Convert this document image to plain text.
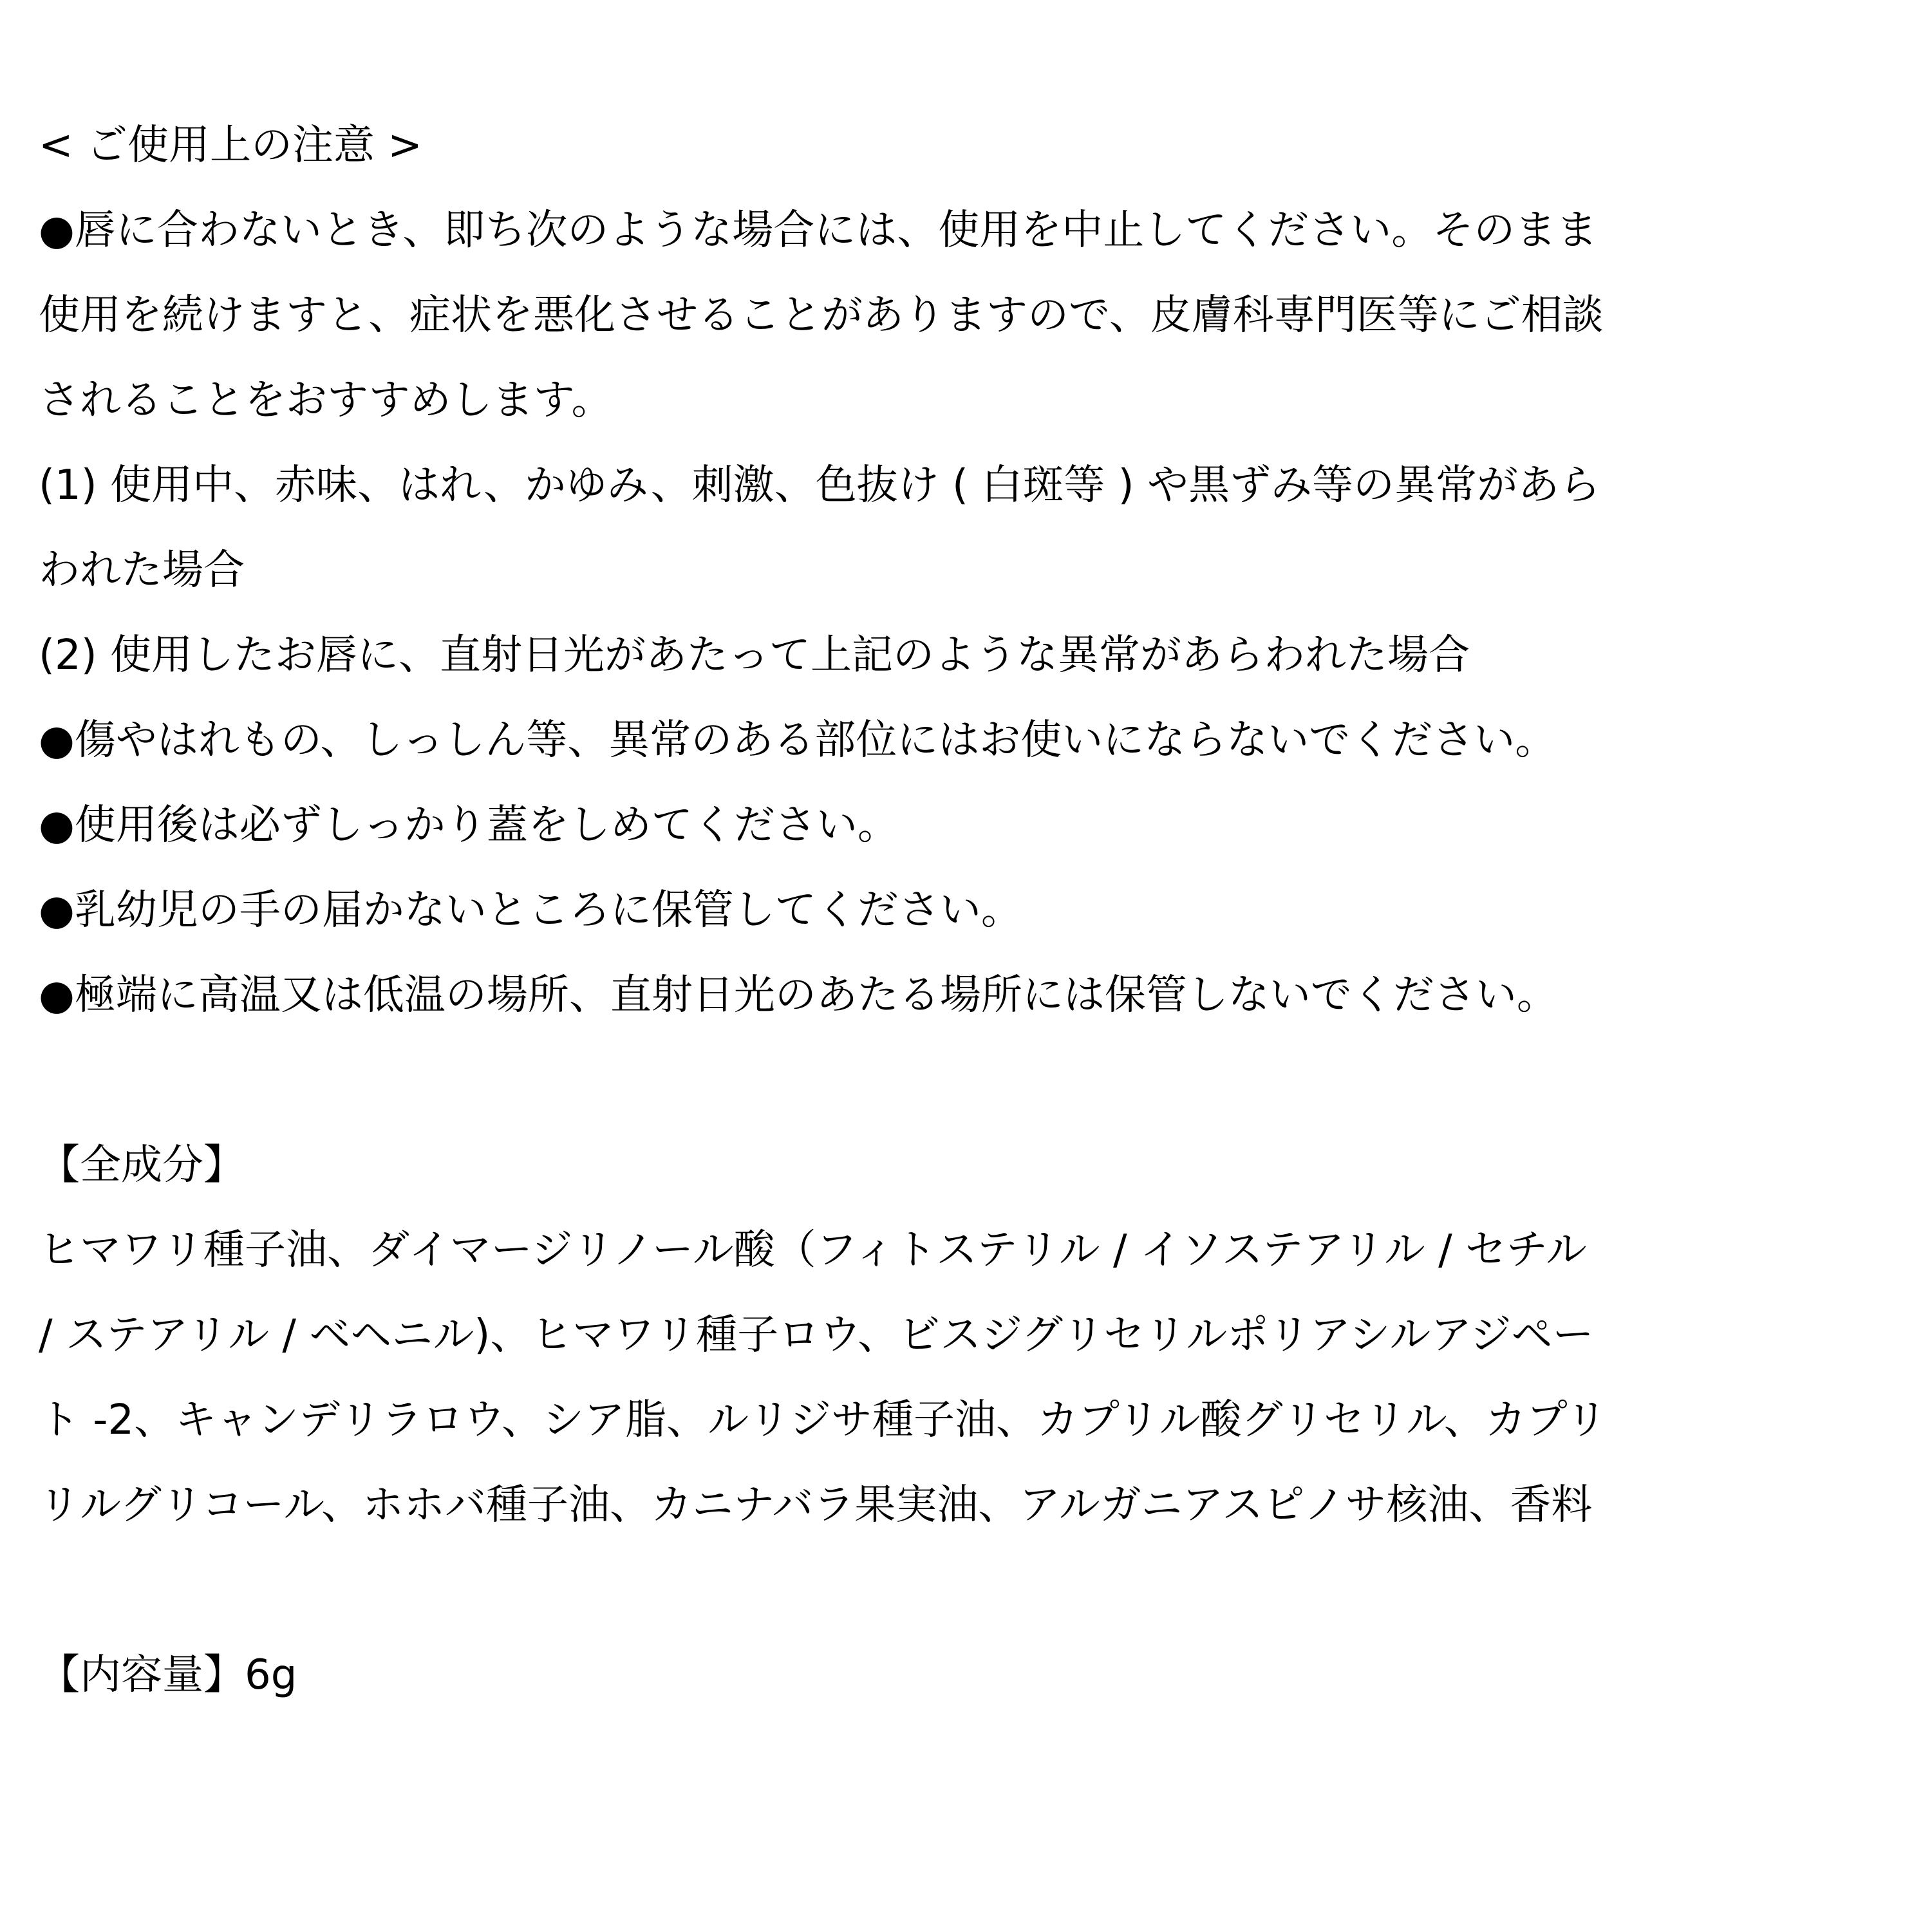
< ご使用上の注意 >
●唇に合わないとき、即ち次のような場合には、使用を中止してください。そのまま
使用を続けますと、症状を悪化させることがありますので、皮膚科専門医等にご相談
されることをおすすめします。
(1) 使用中、赤味、はれ、かゆみ、刺激、色抜け ( 白斑等 ) や黒ずみ等の異常があら
われた場合
(2) 使用したお唇に、直射日光があたって上記のような異常があらわれた場合
●傷やはれもの、しっしん等、異常のある部位にはお使いにならないでください。
●使用後は必ずしっかり蓋をしめてください。
●乳幼児の手の届かないところに保管してください。
●極端に高温又は低温の場所、直射日光のあたる場所には保管しないでください。
【全成分】
ヒマワリ種子油、ダイマージリノール酸（フィトステリル / イソステアリル / セチル
/ ステアリル / ベヘニル)、ヒマワリ種子ロウ、ビスジグリセリルポリアシルアジペー
ト -2、キャンデリラロウ、シア脂、ルリジサ種子油、カプリル酸グリセリル、カプリ
リルグリコール、ホホバ種子油、カニナバラ果実油、アルガニアスピノサ核油、香料
【内容量】6g
